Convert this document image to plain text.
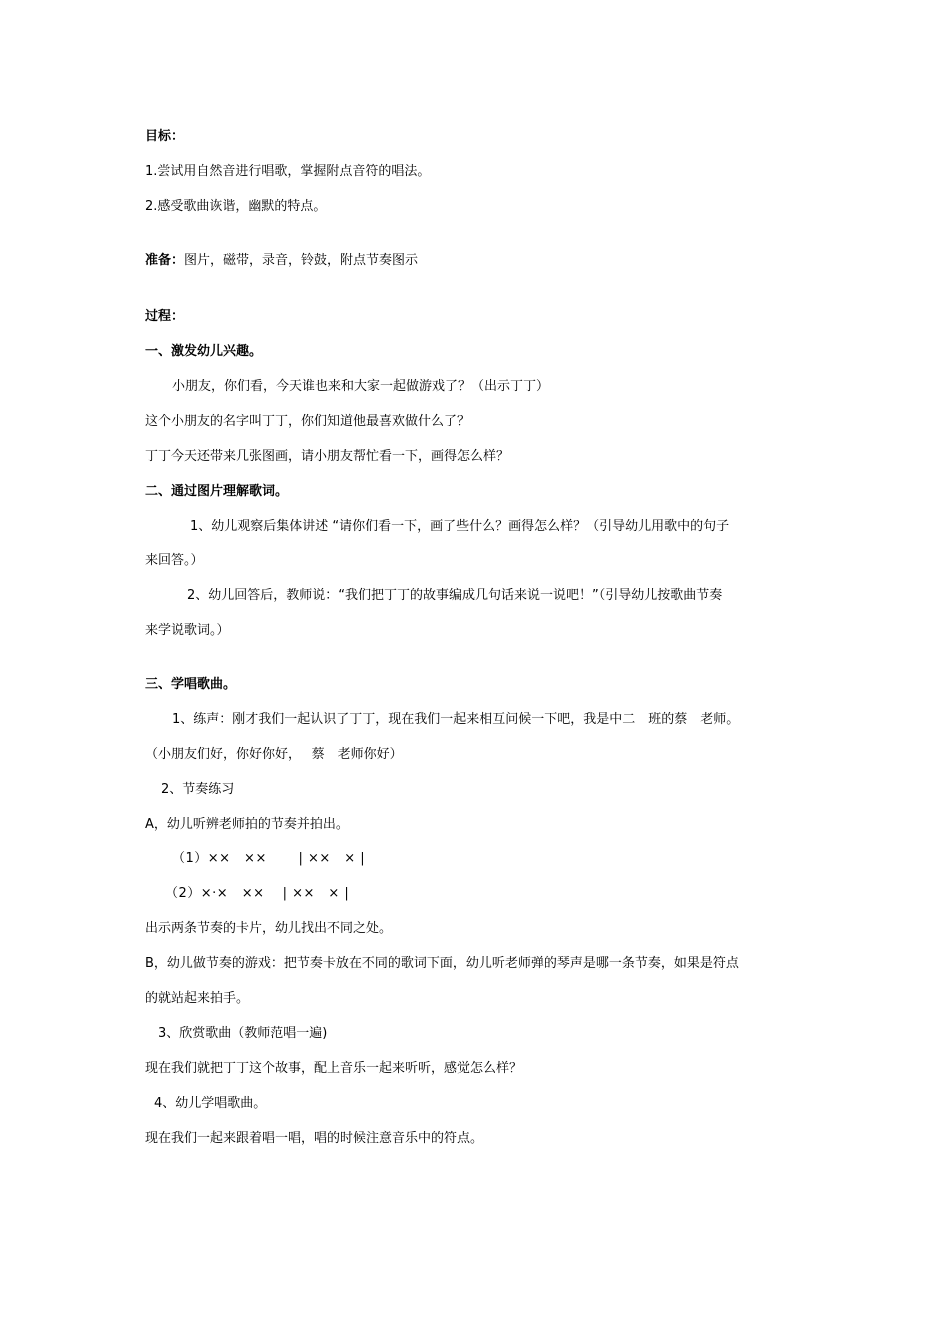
目标：
1.尝试用自然音进行唱歌，掌握附点音符的唱法。
2.感受歌曲诙谐，幽默的特点。
准备：图片，磁带，录音，铃鼓，附点节奏图示
过程：
一、激发幼儿兴趣。
小朋友，你们看，今天谁也来和大家一起做游戏了？（出示丁丁）
这个小朋友的名字叫丁丁，你们知道他最喜欢做什么了？
丁丁今天还带来几张图画，请小朋友帮忙看一下，画得怎么样？
二、通过图片理解歌词。
1、幼儿观察后集体讲述 “请你们看一下，画了些什么？画得怎么样？（引导幼儿用歌中的句子
来回答。）
2、幼儿回答后，教师说：“我们把丁丁的故事编成几句话来说一说吧！”（引导幼儿按歌曲节奏
来学说歌词。）
三、学唱歌曲。
1、练声：刚才我们一起认识了丁丁，现在我们一起来相互问候一下吧，我是中二　班的蔡　老师。
（小朋友们好，你好你好，　 蔡　老师你好）
2、节奏练习
A，幼儿听辨老师拍的节奏并拍出。
（1）××　××　　 | ××　× |
（2）×·×　××　 | ××　× |
出示两条节奏的卡片，幼儿找出不同之处。
B，幼儿做节奏的游戏：把节奏卡放在不同的歌词下面，幼儿听老师弹的琴声是哪一条节奏，如果是符点
的就站起来拍手。
3、欣赏歌曲（教师范唱一遍)
现在我们就把丁丁这个故事，配上音乐一起来听听，感觉怎么样？
4、幼儿学唱歌曲。
现在我们一起来跟着唱一唱，唱的时候注意音乐中的符点。
